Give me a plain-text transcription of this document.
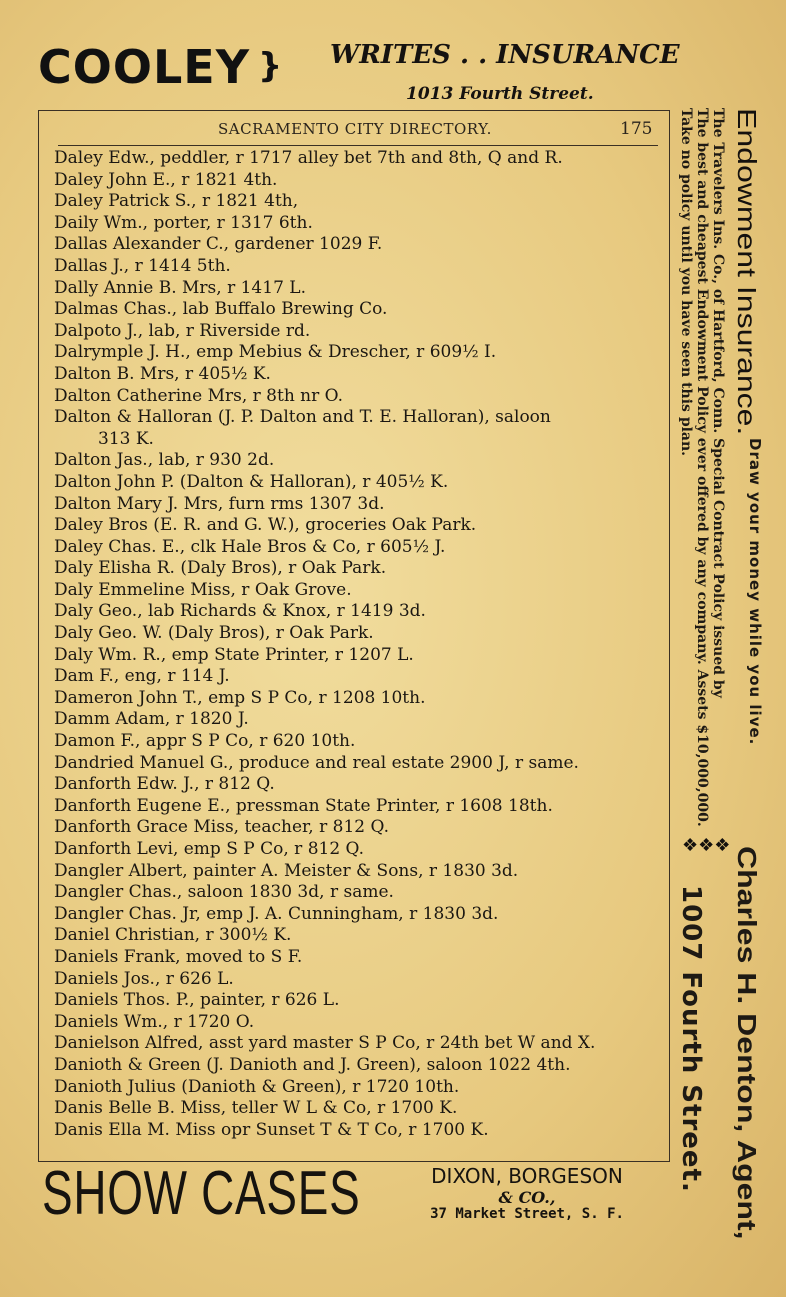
COOLEY } WRITES . . INSURANCE
1013 Fourth Street.
SACRAMENTO CITY DIRECTORY.	175
Daley Edw., peddler, r 1717 alley bet 7th and 8th, Q and R.
Daley John E., r 1821 4th.
Daley Patrick S., r 1821 4th,
Daily Wm., porter, r 1317 6th.
Dallas Alexander C., gardener 1029 F.
Dallas J., r 1414 5th.
Dally Annie B. Mrs, r 1417 L.
Dalmas Chas., lab Buffalo Brewing Co.
Dalpoto J., lab, r Riverside rd.
Dalrymple J. H., emp Mebius & Drescher, r 609½ I.
Dalton B. Mrs, r 405½ K.
Dalton Catherine Mrs, r 8th nr O.
Dalton & Halloran (J. P. Dalton and T. E. Halloran), saloon
313 K.
Dalton Jas., lab, r 930 2d.
Dalton John P. (Dalton & Halloran), r 405½ K.
Dalton Mary J. Mrs, furn rms 1307 3d.
Daley Bros (E. R. and G. W.), groceries Oak Park.
Daley Chas. E., clk Hale Bros & Co, r 605½ J.
Daly Elisha R. (Daly Bros), r Oak Park.
Daly Emmeline Miss, r Oak Grove.
Daly Geo., lab Richards & Knox, r 1419 3d.
Daly Geo. W. (Daly Bros), r Oak Park.
Daly Wm. R., emp State Printer, r 1207 L.
Dam F., eng, r 114 J.
Dameron John T., emp S P Co, r 1208 10th.
Damm Adam, r 1820 J.
Damon F., appr S P Co, r 620 10th.
Dandried Manuel G., produce and real estate 2900 J, r same.
Danforth Edw. J., r 812 Q.
Danforth Eugene E., pressman State Printer, r 1608 18th.
Danforth Grace Miss, teacher, r 812 Q.
Danforth Levi, emp S P Co, r 812 Q.
Dangler Albert, painter A. Meister & Sons, r 1830 3d.
Dangler Chas., saloon 1830 3d, r same.
Dangler Chas. Jr, emp J. A. Cunningham, r 1830 3d.
Daniel Christian, r 300½ K.
Daniels Frank, moved to S F.
Daniels Jos., r 626 L.
Daniels Thos. P., painter, r 626 L.
Daniels Wm., r 1720 O.
Danielson Alfred, asst yard master S P Co, r 24th bet W and X.
Danioth & Green (J. Danioth and J. Green), saloon 1022 4th.
Danioth Julius (Danioth & Green), r 1720 10th.
Danis Belle B. Miss, teller W L & Co, r 1700 K.
Danis Ella M. Miss opr Sunset T & T Co, r 1700 K.
SHOW CASES	DIXON, BORGESON
& CO.,
37 Market Street, S. F.
Endowment Insurance.
Draw your money while you live.
The Travelers Ins. Co., of Hartford, Conn. Special Contract Policy issued by
The best and cheapest Endowment Policy ever offered by any company. Assets $10,000,000.
Take no policy until you have seen this plan.
❖❖❖
Charles H. Denton, Agent,
1007 Fourth Street.
